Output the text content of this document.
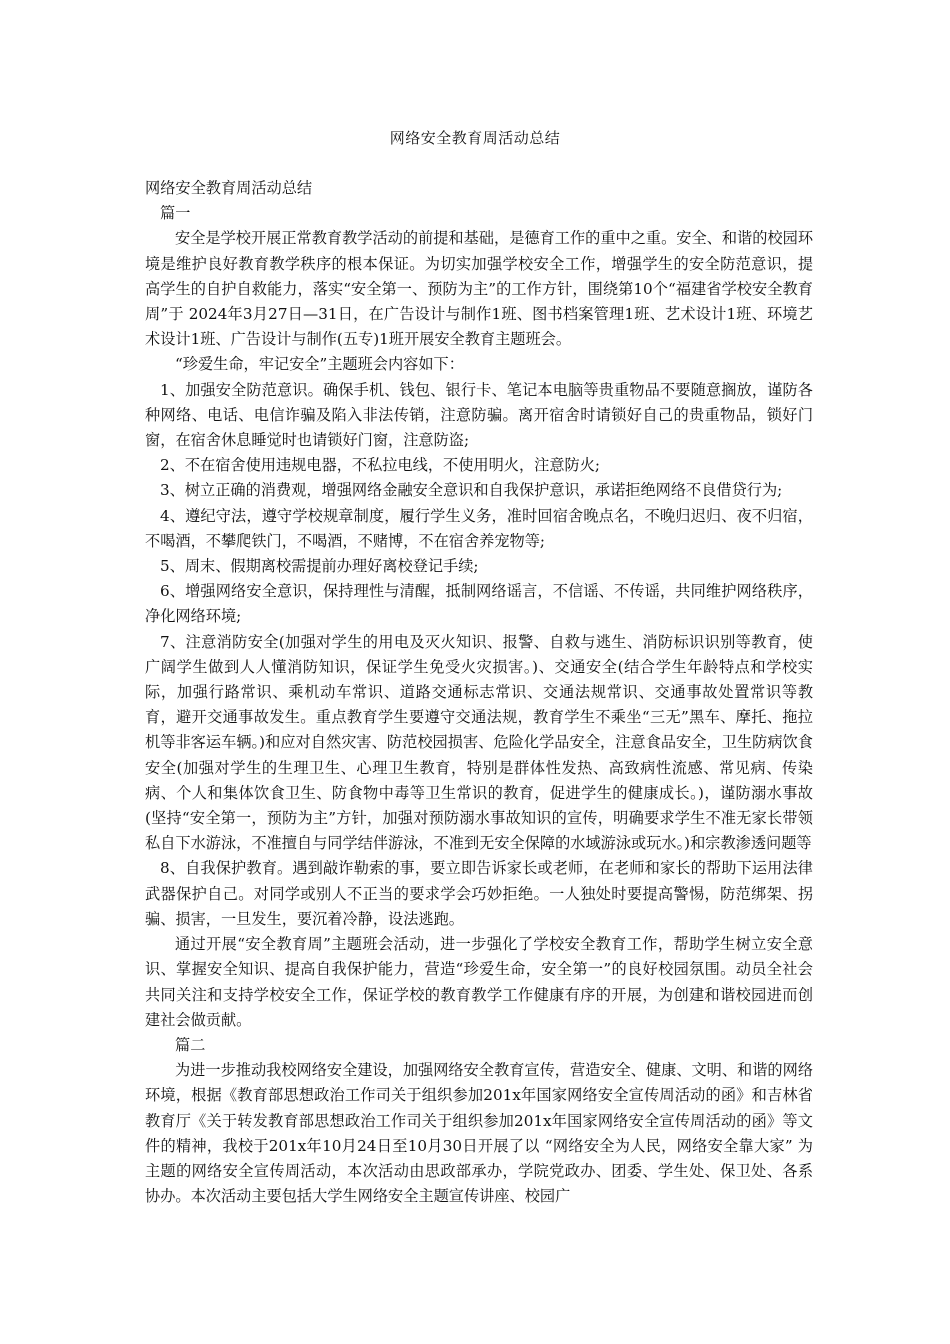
网络安全教育周活动总结

网络安全教育周活动总结

篇一

安全是学校开展正常教育教学活动的前提和基础，是德育工作的重中之重。安全、和谐的校园环境是维护良好教育教学秩序的根本保证。为切实加强学校安全工作，增强学生的安全防范意识，提高学生的自护自救能力，落实“安全第一、预防为主”的工作方针，围绕第10个“福建省学校安全教育周”于 2024年3月27日—31日，在广告设计与制作1班、图书档案管理1班、艺术设计1班、环境艺术设计1班、广告设计与制作(五专)1班开展安全教育主题班会。

“珍爱生命，牢记安全”主题班会内容如下：

1、加强安全防范意识。确保手机、钱包、银行卡、笔记本电脑等贵重物品不要随意搁放，谨防各种网络、电话、电信诈骗及陷入非法传销，注意防骗。离开宿舍时请锁好自己的贵重物品，锁好门窗，在宿舍休息睡觉时也请锁好门窗，注意防盗;

2、不在宿舍使用违规电器，不私拉电线，不使用明火，注意防火;

3、树立正确的消费观，增强网络金融安全意识和自我保护意识，承诺拒绝网络不良借贷行为;

4、遵纪守法，遵守学校规章制度，履行学生义务，准时回宿舍晚点名，不晚归迟归、夜不归宿，不喝酒，不攀爬铁门，不喝酒，不赌博，不在宿舍养宠物等;

5、周末、假期离校需提前办理好离校登记手续;

6、增强网络安全意识，保持理性与清醒，抵制网络谣言，不信谣、不传谣，共同维护网络秩序，净化网络环境;

7、注意消防安全(加强对学生的用电及灭火知识、报警、自救与逃生、消防标识识别等教育，使广阔学生做到人人懂消防知识，保证学生免受火灾损害。)、交通安全(结合学生年龄特点和学校实际，加强行路常识、乘机动车常识、道路交通标志常识、交通法规常识、交通事故处置常识等教育，避开交通事故发生。重点教育学生要遵守交通法规，教育学生不乘坐“三无”黑车、摩托、拖拉机等非客运车辆。)和应对自然灾害、防范校园损害、危险化学品安全，注意食品安全，卫生防病饮食安全(加强对学生的生理卫生、心理卫生教育，特别是群体性发热、高致病性流感、常见病、传染病、个人和集体饮食卫生、防食物中毒等卫生常识的教育，促进学生的健康成长。)，谨防溺水事故(坚持“安全第一，预防为主”方针，加强对预防溺水事故知识的宣传，明确要求学生不准无家长带领私自下水游泳，不准擅自与同学结伴游泳，不准到无安全保障的水域游泳或玩水。)和宗教渗透问题等

8、自我保护教育。遇到敲诈勒索的事，要立即告诉家长或老师，在老师和家长的帮助下运用法律武器保护自己。对同学或别人不正当的要求学会巧妙拒绝。一人独处时要提高警惕，防范绑架、拐骗、损害，一旦发生，要沉着冷静，设法逃跑。

通过开展“安全教育周”主题班会活动，进一步强化了学校安全教育工作，帮助学生树立安全意识、掌握安全知识、提高自我保护能力，营造“珍爱生命，安全第一”的良好校园氛围。动员全社会共同关注和支持学校安全工作，保证学校的教育教学工作健康有序的开展，为创建和谐校园进而创建社会做贡献。

篇二

为进一步推动我校网络安全建设，加强网络安全教育宣传，营造安全、健康、文明、和谐的网络环境，根据《教育部思想政治工作司关于组织参加201x年国家网络安全宣传周活动的函》和吉林省教育厅《关于转发教育部思想政治工作司关于组织参加201x年国家网络安全宣传周活动的函》等文件的精神，我校于201x年10月24日至10月30日开展了以 “网络安全为人民，网络安全靠大家” 为主题的网络安全宣传周活动，本次活动由思政部承办，学院党政办、团委、学生处、保卫处、各系协办。本次活动主要包括大学生网络安全主题宣传讲座、校园广
